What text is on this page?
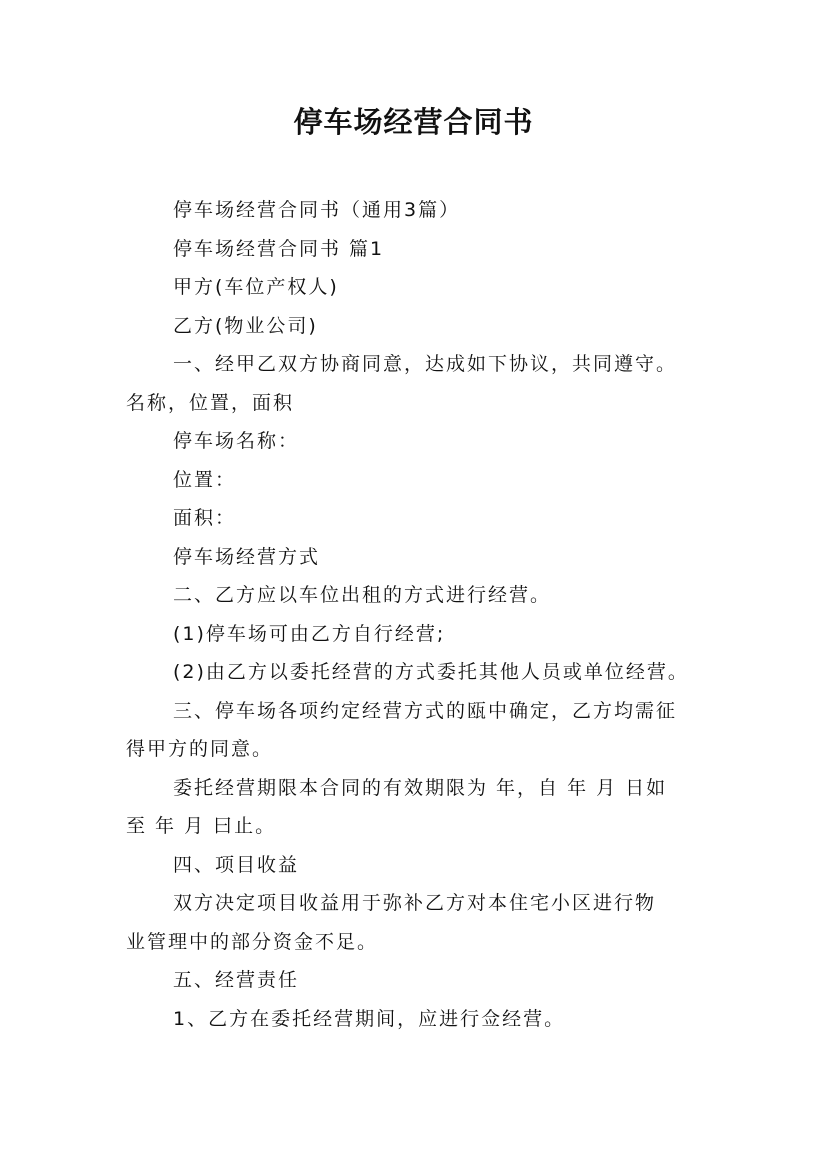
停车场经营合同书

停车场经营合同书（通用3篇）

停车场经营合同书 篇1

甲方(车位产权人)

乙方(物业公司)

一、经甲乙双方协商同意，达成如下协议，共同遵守。

名称，位置，面积

停车场名称：

位置：

面积：

停车场经营方式

二、乙方应以车位出租的方式进行经营。

(1)停车场可由乙方自行经营;

(2)由乙方以委托经营的方式委托其他人员或单位经营。

三、停车场各项约定经营方式的瓯中确定，乙方均需征

得甲方的同意。

委托经营期限本合同的有效期限为 年，自 年 月 日如

至 年 月 曰止。

四、项目收益

双方决定项目收益用于弥补乙方对本住宅小区进行物

业管理中的部分资金不足。

五、经营责任

1、乙方在委托经营期间，应进行佥经营。
